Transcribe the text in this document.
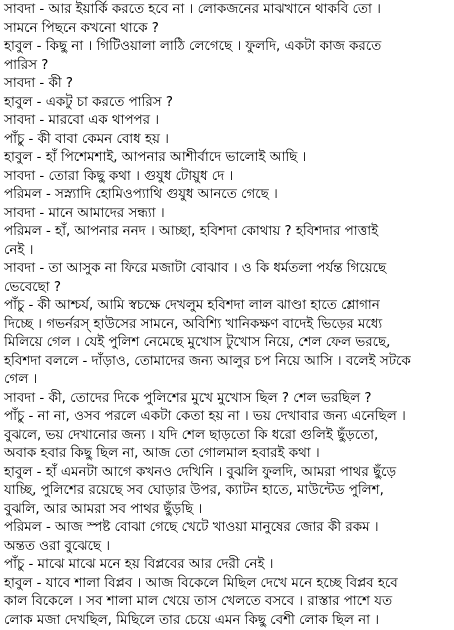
সাবদা - আর ইয়ার্কি করতে হবে না । লোকজনের মাঝখানে থাকবি তো ।
সামনে পিছনে কখনো থাকে ?
হাবুল - কিছু না । গিটিওয়ালা লাঠি লেগেছে । ফুলদি, একটা কাজ করতে
পারিস ?
সাবদা - কী ?
হাবুল - একটু চা করতে পারিস ?
সাবদা - মারবো এক থাপপর ।
পাঁচু - কী বাবা কেমন বোধ হয় ।
হাবুল - হাঁ পিশেমশাই, আপনার আশীর্বাদে ভালোই আছি ।
সাবদা - তোরা কিছু কথা । গুযুধ টোয়ুধ দে ।
পরিমল - সস্ন্যাদি হোমিওপ্যাথি গুযুধ আনতে গেছে ।
সাবদা - মানে আমাদের সন্ধ্যা ।
পরিমল - হাঁ, আপনার ননদ । আচ্ছা, হবিশদা কোথায় ? হবিশদার পাত্তাই
নেই ।
সাবদা - তা আসুক না ফিরে মজাটা বোঝাব । ও কি ধর্মতলা পর্যন্ত গিয়েছে
ভেবেছো ?
পাঁচু - কী আশ্চর্য, আমি স্বচক্ষে দেখলুম হবিশদা লাল ঝাণ্ডা হাতে শ্লোগান
দিচ্ছে । গভর্নরস্ হাউসের সামনে, অবিশ্যি খানিকক্ষণ বাদেই ভিড়ের মধ্যে
মিলিয়ে গেল । যেই পুলিশ নেমেছে মুখোস টুখোস নিয়ে, শেল ফেল ভরছে,
হবিশদা বললে - দাঁড়াও, তোমাদের জন্য আলুর চপ নিয়ে আসি । বলেই সটকে
গেল ।
সাবদা - কী, তোদের দিকে পুলিশের মুখে মুখোস ছিল ? শেল ভরছিল ?
পাঁচু - না না, ওসব পরলে একটা কেতা হয় না । ভয় দেখাবার জন্য এনেছিল ।
বুঝলে, ভয় দেখানোর জন্য । যদি শেল ছাড়তো কি ধরো গুলিই ছুঁড়তো,
অবাক হবার কিছু ছিল না, আজ তো গোলমাল হবারই কথা ।
হাবুল - হাঁ এমনটা আগে কখনও দেখিনি । বুঝলি ফুলদি, আমরা পাথর ছুঁড়ে
যাচ্ছি, পুলিশের রয়েছে সব ঘোড়ার উপর, ক্যাটন হাতে, মাউন্টেড পুলিশ,
বুঝলি, আর আমরা সব পাথর ছুঁড়ছি ।
পরিমল - আজ স্পষ্ট বোঝা গেছে খেটে খাওয়া মানুষের জোর কী রকম ।
অন্তত ওরা বুঝেছে ।
পাঁচু - মাঝে মাঝে মনে হয় বিপ্লবের আর দেরী নেই ।
হাবুল - যাবে শালা বিপ্লব । আজ বিকেলে মিছিল দেখে মনে হচ্ছে বিপ্লব হবে
কাল বিকেলে । সব শালা মাল খেয়ে তাস খেলতে বসবে । রাস্তার পাশে যত
লোক মজা দেখছিল, মিছিলে তার চেয়ে এমন কিছু বেশী লোক ছিল না ।
